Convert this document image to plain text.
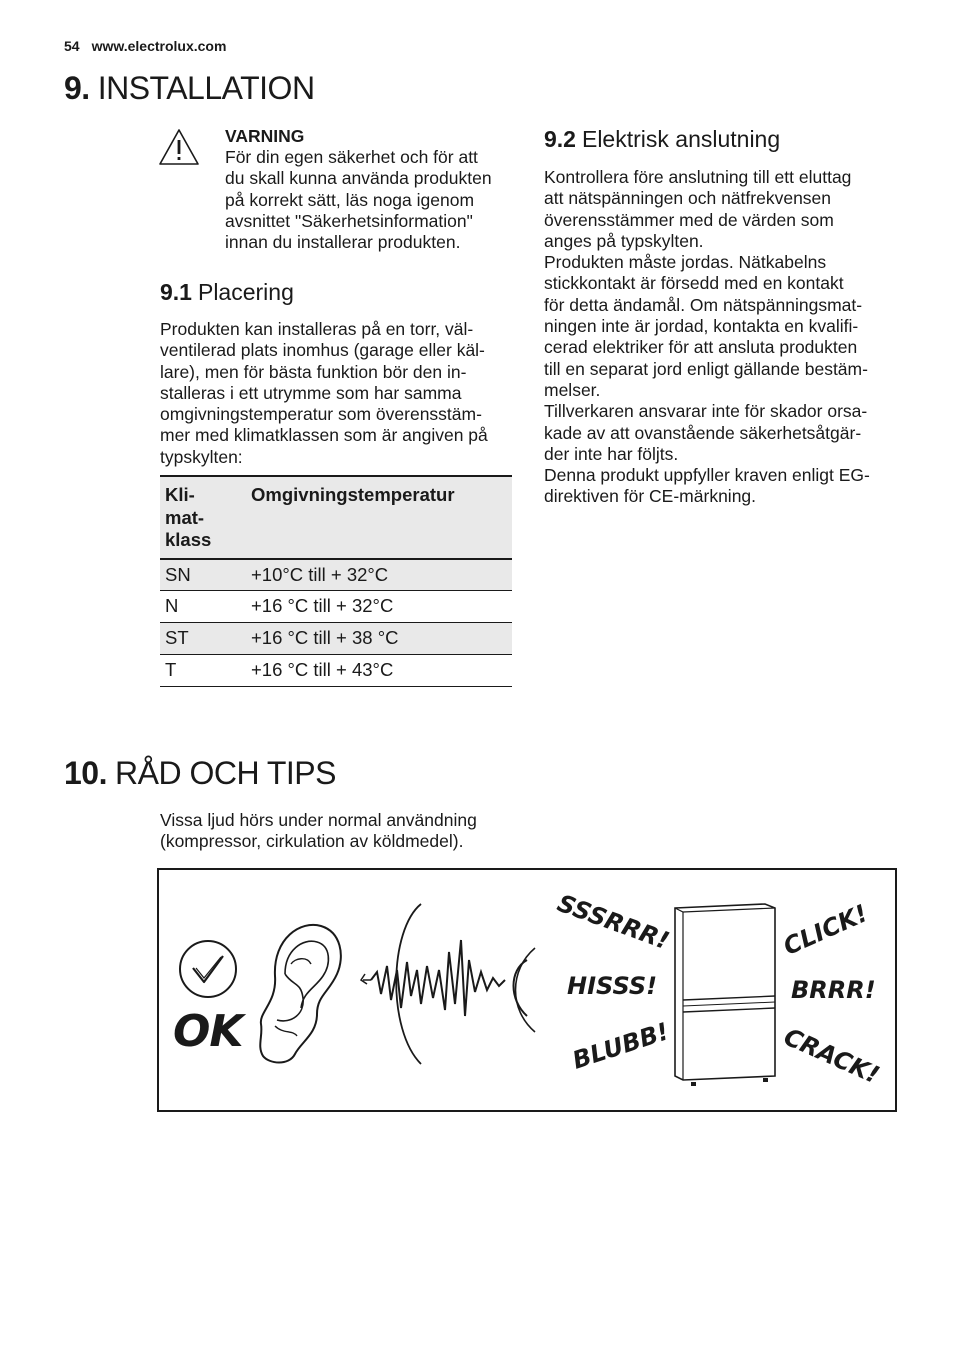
54 www.electrolux.com
9. INSTALLATION
VARNING
För din egen säkerhet och för att
du skall kunna använda produkten
på korrekt sätt, läs noga igenom
avsnittet "Säkerhetsinformation"
innan du installerar produkten.
9.1 Placering

Produkten kan installeras på en torr, väl-
ventilerad plats inomhus (garage eller käl-
lare), men för bästa funktion bör den in-
stalleras i ett utrymme som har samma
omgivningstemperatur som överensstäm-
mer med klimatklassen som är angiven på
typskylten:

Kli-
mat-
klass	Omgivningstemperatur
SN	+10°C till + 32°C
N	+16 °C till + 32°C
ST	+16 °C till + 38 °C
T	+16 °C till + 43°C
9.2 Elektrisk anslutning

Kontrollera före anslutning till ett eluttag
att nätspänningen och nätfrekvensen
överensstämmer med de värden som
anges på typskylten.
Produkten måste jordas. Nätkabelns
stickkontakt är försedd med en kontakt
för detta ändamål. Om nätspänningsmat-
ningen inte är jordad, kontakta en kvalifi-
cerad elektriker för att ansluta produkten
till en separat jord enligt gällande bestäm-
melser.
Tillverkaren ansvarar inte för skador orsa-
kade av att ovanstående säkerhetsåtgär-
der inte har följts.
Denna produkt uppfyller kraven enligt EG-
direktiven för CE-märkning.

10. RÅD OCH TIPS

Vissa ljud hörs under normal användning
(kompressor, cirkulation av köldmedel).

OK
SSSRRR!
HISSS!
BLUBB!
CLICK!
BRRR!
CRACK!
